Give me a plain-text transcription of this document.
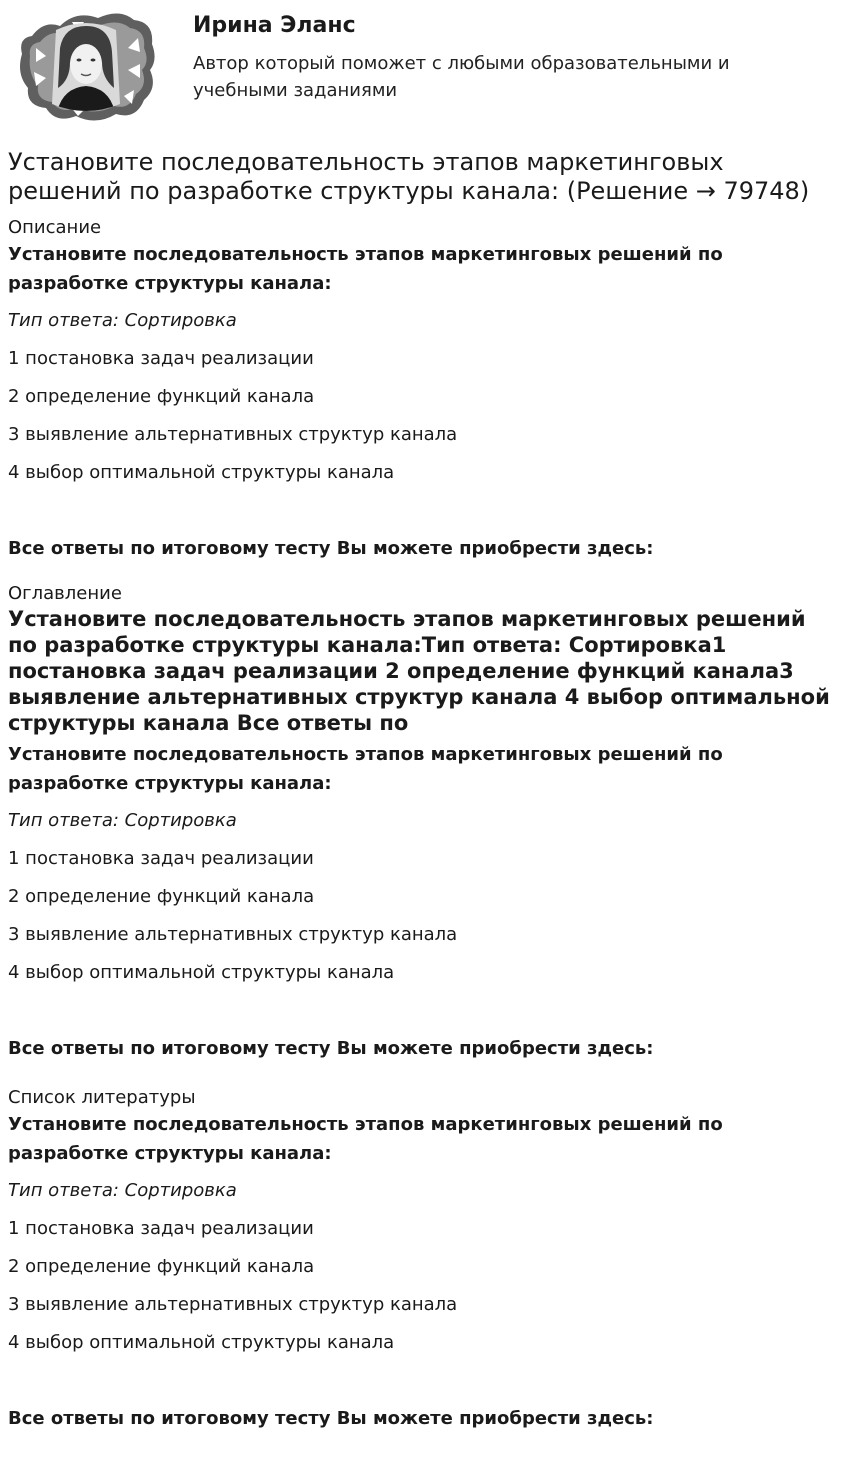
Ирина Эланс
Автор который поможет с любыми образовательными и учебными заданиями
Установите последовательность этапов маркетинговых решений по разработке структуры канала: (Решение → 79748)
Описание
Установите последовательность этапов маркетинговых решений по разработке структуры канала:
Тип ответа: Сортировка
1 постановка задач реализации
2 определение функций канала
3 выявление альтернативных структур канала
4 выбор оптимальной структуры канала
Все ответы по итоговому тесту Вы можете приобрести здесь:
Оглавление
Установите последовательность этапов маркетинговых решений по разработке структуры канала:Тип ответа: Сортировка1 постановка задач реализации 2 определение функций канала3 выявление альтернативных структур канала 4 выбор оптимальной структуры канала Все ответы по
Установите последовательность этапов маркетинговых решений по разработке структуры канала:
Тип ответа: Сортировка
1 постановка задач реализации
2 определение функций канала
3 выявление альтернативных структур канала
4 выбор оптимальной структуры канала
Все ответы по итоговому тесту Вы можете приобрести здесь:
Список литературы
Установите последовательность этапов маркетинговых решений по разработке структуры канала:
Тип ответа: Сортировка
1 постановка задач реализации
2 определение функций канала
3 выявление альтернативных структур канала
4 выбор оптимальной структуры канала
Все ответы по итоговому тесту Вы можете приобрести здесь:
